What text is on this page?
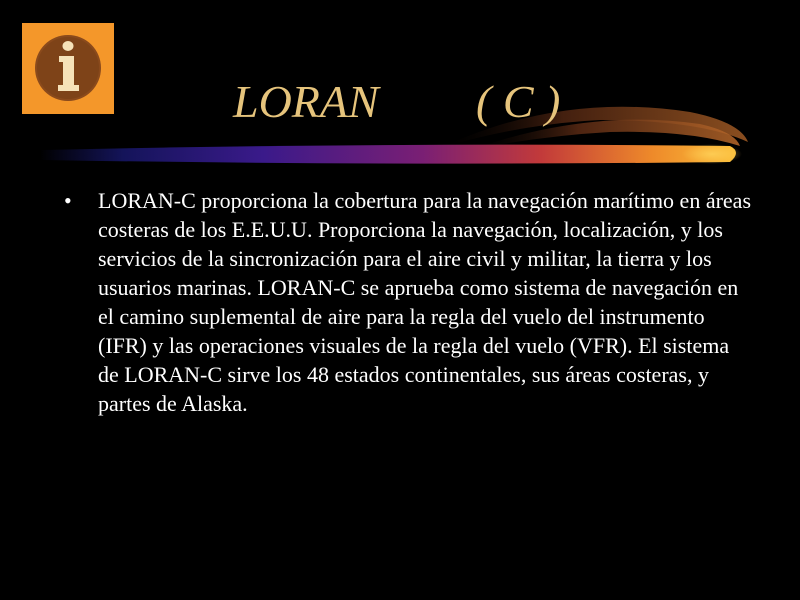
LORAN ( C )
• LORAN-C proporciona la cobertura para la navegación marítimo en áreas costeras de los E.E.U.U. Proporciona la navegación, localización, y los servicios de la sincronización para el aire civil y militar, la tierra y los usuarios marinas. LORAN-C se aprueba como sistema de navegación en el camino suplemental de aire para la regla del vuelo del instrumento (IFR) y las operaciones visuales de la regla del vuelo (VFR). El sistema de LORAN-C sirve los 48 estados continentales, sus áreas costeras, y partes de Alaska.
